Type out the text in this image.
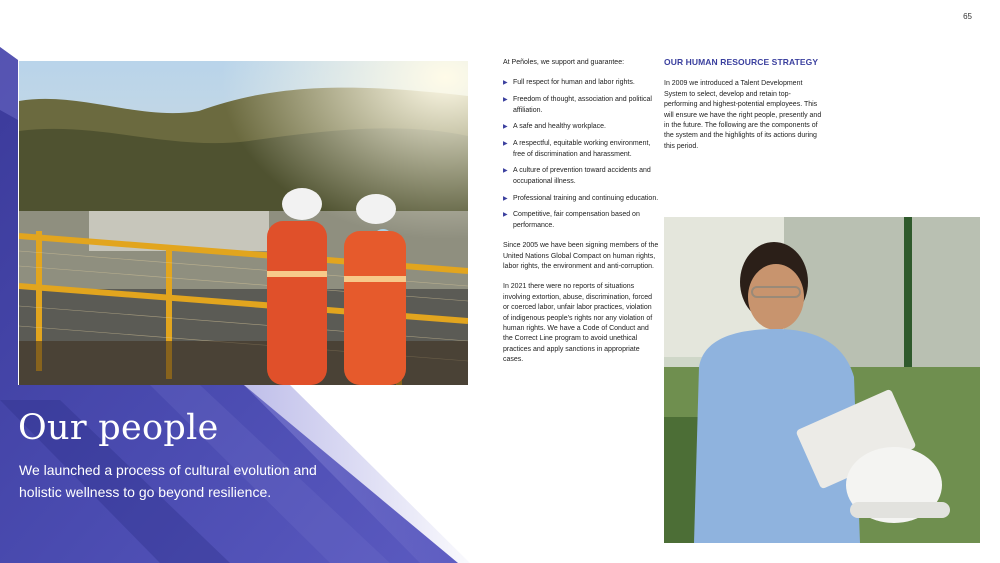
65
Our people

We launched a process of cultural evolution and holistic wellness to go beyond resilience.

At Peñoles, we support and guarantee:

▶ Full respect for human and labor rights.
▶ Freedom of thought, association and political affiliation.
▶ A safe and healthy workplace.
▶ A respectful, equitable working environment, free of discrimination and harassment.
▶ A culture of prevention toward accidents and occupational illness.
▶ Professional training and continuing education.
▶ Competitive, fair compensation based on performance.

Since 2005 we have been signing members of the United Nations Global Compact on human rights, labor rights, the environment and anti-corruption.

In 2021 there were no reports of situations involving extortion, abuse, discrimination, forced or coerced labor, unfair labor practices, violation of indigenous people's rights nor any violation of human rights. We have a Code of Conduct and the Correct Line program to avoid unethical practices and apply sanctions in appropriate cases.

OUR HUMAN RESOURCE STRATEGY

In 2009 we introduced a Talent Development System to select, develop and retain top-performing and highest-potential employees. This will ensure we have the right people, presently and in the future. The following are the components of the system and the highlights of its actions during this period.
